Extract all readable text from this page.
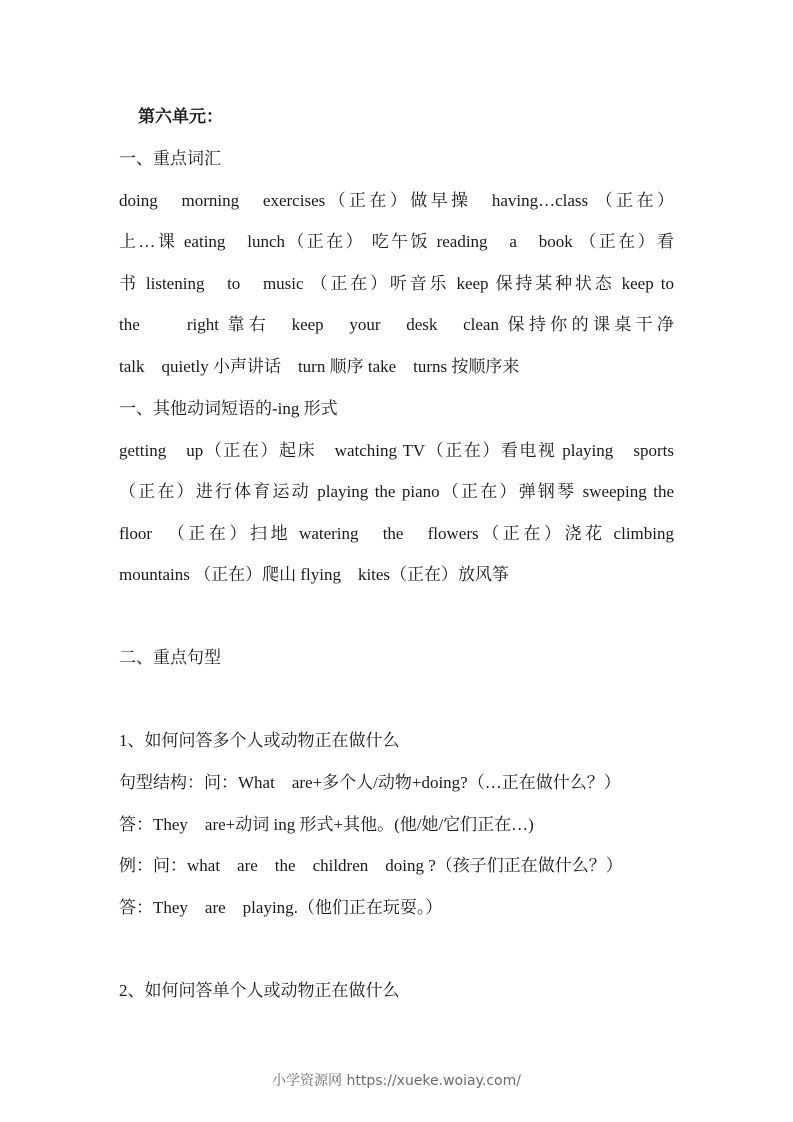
第六单元：
一、重点词汇
doing　morning　exercises（正在）做早操　having…class （正在）
上…课 eating　lunch（正在） 吃午饭 reading　a　book （正在）看
书 listening　to　music （正在）听音乐 keep 保持某种状态 keep to
the　　right 靠右　keep　your　desk　clean 保持你的课桌干净
talk　quietly 小声讲话　turn 顺序 take　turns 按顺序来
一、其他动词短语的-ing 形式
getting　up（正在）起床　watching TV（正在）看电视 playing　sports
（正在）进行体育运动 playing the piano（正在）弹钢琴 sweeping the
floor　（正在）扫地 watering　the　flowers（正在）浇花 climbing
mountains （正在）爬山 flying　kites（正在）放风筝
二、重点句型
1、如何问答多个人或动物正在做什么
句型结构：问：What　are+多个人/动物+doing?（…正在做什么？）
答：They　are+动词 ing 形式+其他。(他/她/它们正在…)
例：问：what　are　the　children　doing ?（孩子们正在做什么？）
答：They　are　playing.（他们正在玩耍。）
2、如何问答单个人或动物正在做什么
小学资源网 https://xueke.woiay.com/
